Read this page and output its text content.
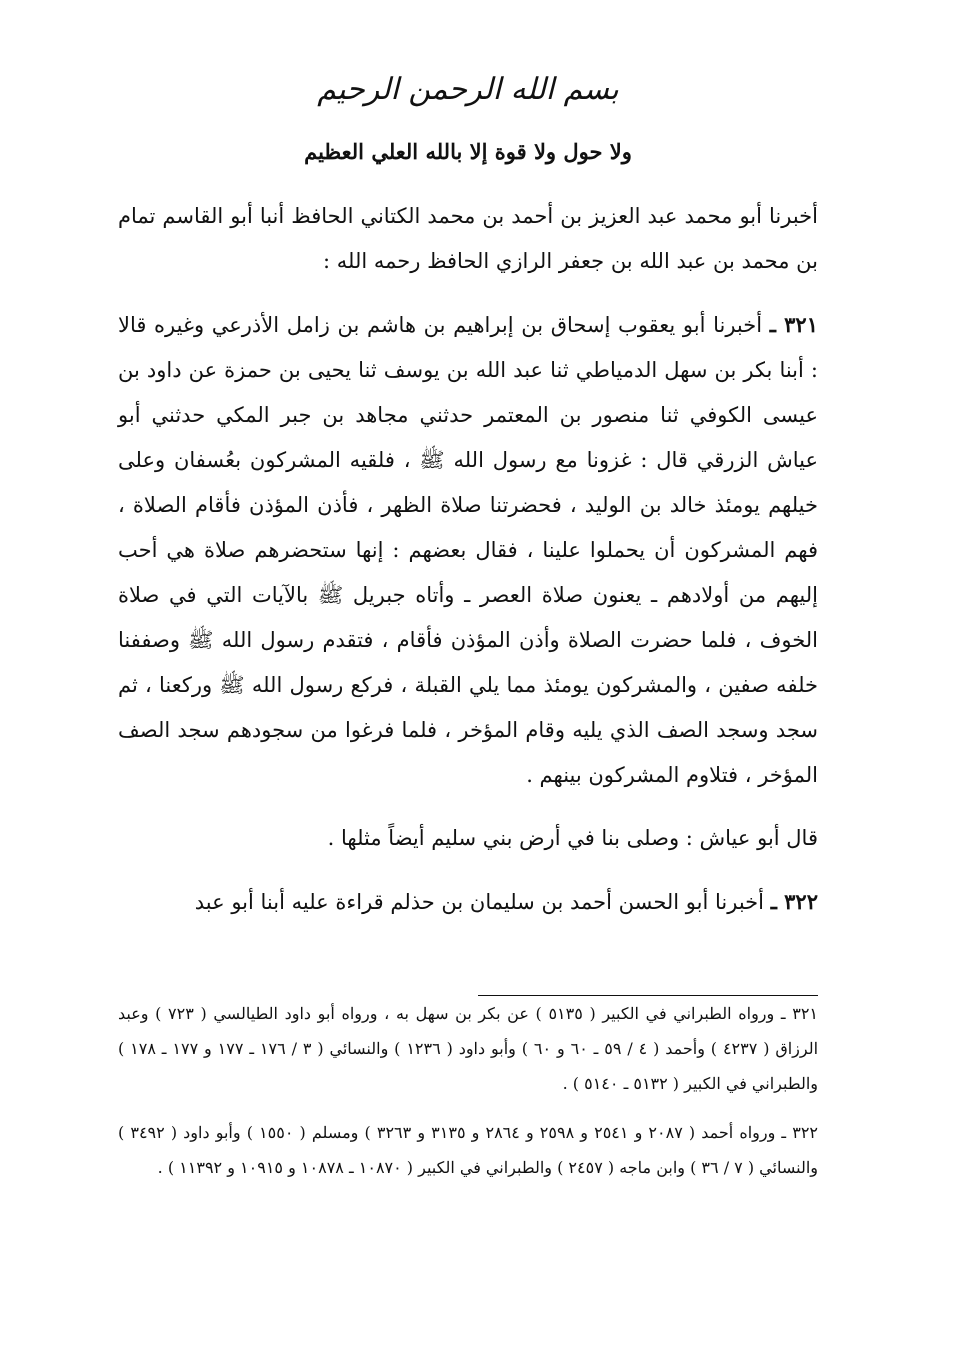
بسم الله الرحمن الرحيم
ولا حول ولا قوة إلا بالله العلي العظيم

أخبرنا أبو محمد عبد العزيز بن أحمد بن محمد الكتاني الحافظ أنبا أبو القاسم تمام بن محمد بن عبد الله بن جعفر الرازي الحافظ رحمه الله :

٣٢١ ـ أخبرنا أبو يعقوب إسحاق بن إبراهيم بن هاشم بن زامل الأذرعي وغيره قالا : أبنا بكر بن سهل الدمياطي ثنا عبد الله بن يوسف ثنا يحيى بن حمزة عن داود بن عيسى الكوفي ثنا منصور بن المعتمر حدثني مجاهد بن جبر المكي حدثني أبو عياش الزرقي قال : غزونا مع رسول الله ﷺ ، فلقيه المشركون بعُسفان وعلى خيلهم يومئذ خالد بن الوليد ، فحضرتنا صلاة الظهر ، فأذن المؤذن فأقام الصلاة ، فهم المشركون أن يحملوا علينا ، فقال بعضهم : إنها ستحضرهم صلاة هي أحب إليهم من أولادهم ـ يعنون صلاة العصر ـ وأتاه جبريل ﷺ بالآيات التي في صلاة الخوف ، فلما حضرت الصلاة وأذن المؤذن فأقام ، فتقدم رسول الله ﷺ وصففنا خلفه صفين ، والمشركون يومئذ مما يلي القبلة ، فركع رسول الله ﷺ وركعنا ، ثم سجد وسجد الصف الذي يليه وقام المؤخر ، فلما فرغوا من سجودهم سجد الصف المؤخر ، فتلاوم المشركون بينهم .

قال أبو عياش : وصلى بنا في أرض بني سليم أيضاً مثلها .

٣٢٢ ـ أخبرنا أبو الحسن أحمد بن سليمان بن حذلم قراءة عليه أبنا أبو عبد

٣٢١ ـ ورواه الطبراني في الكبير ( ٥١٣٥ ) عن بكر بن سهل به ، ورواه أبو داود الطيالسي ( ٧٢٣ ) وعبد الرزاق ( ٤٢٣٧ ) وأحمد ( ٤ / ٥٩ ـ ٦٠ و ٦٠ ) وأبو داود ( ١٢٣٦ ) والنسائي ( ٣ / ١٧٦ ـ ١٧٧ و ١٧٧ ـ ١٧٨ ) والطبراني في الكبير ( ٥١٣٢ ـ ٥١٤٠ ) .

٣٢٢ ـ ورواه أحمد ( ٢٠٨٧ و ٢٥٤١ و ٢٥٩٨ و ٢٨٦٤ و ٣١٣٥ و ٣٢٦٣ ) ومسلم ( ١٥٥٠ ) وأبو داود ( ٣٤٩٢ ) والنسائي ( ٧ / ٣٦ ) وابن ماجه ( ٢٤٥٧ ) والطبراني في الكبير ( ١٠٨٧٠ ـ ١٠٨٧٨ و ١٠٩١٥ و ١١٣٩٢ ) .
